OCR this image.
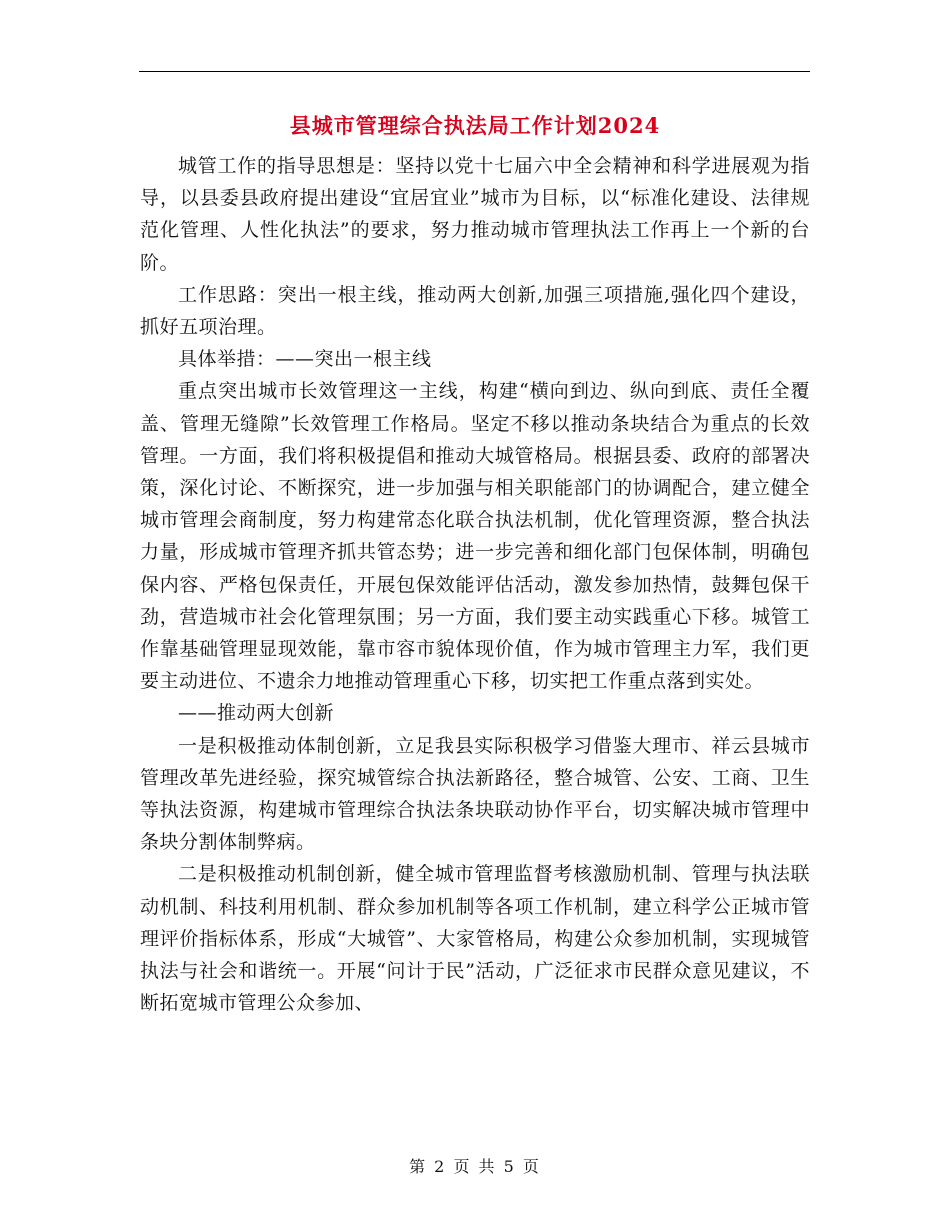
县城市管理综合执法局工作计划2024

城管工作的指导思想是：坚持以党十七届六中全会精神和科学进展观为指导，以县委县政府提出建设“宜居宜业”城市为目标，以“标准化建设、法律规范化管理、人性化执法”的要求，努力推动城市管理执法工作再上一个新的台阶。

工作思路：突出一根主线，推动两大创新,加强三项措施,强化四个建设，抓好五项治理。

具体举措：——突出一根主线

重点突出城市长效管理这一主线，构建“横向到边、纵向到底、责任全覆盖、管理无缝隙”长效管理工作格局。坚定不移以推动条块结合为重点的长效管理。一方面，我们将积极提倡和推动大城管格局。根据县委、政府的部署决策，深化讨论、不断探究，进一步加强与相关职能部门的协调配合，建立健全城市管理会商制度，努力构建常态化联合执法机制，优化管理资源，整合执法力量，形成城市管理齐抓共管态势；进一步完善和细化部门包保体制，明确包保内容、严格包保责任，开展包保效能评估活动，激发参加热情，鼓舞包保干劲，营造城市社会化管理氛围；另一方面，我们要主动实践重心下移。城管工作靠基础管理显现效能，靠市容市貌体现价值，作为城市管理主力军，我们更要主动进位、不遗余力地推动管理重心下移，切实把工作重点落到实处。

——推动两大创新

一是积极推动体制创新，立足我县实际积极学习借鉴大理市、祥云县城市管理改革先进经验，探究城管综合执法新路径，整合城管、公安、工商、卫生等执法资源，构建城市管理综合执法条块联动协作平台，切实解决城市管理中条块分割体制弊病。

二是积极推动机制创新，健全城市管理监督考核激励机制、管理与执法联动机制、科技利用机制、群众参加机制等各项工作机制，建立科学公正城市管理评价指标体系，形成“大城管”、大家管格局，构建公众参加机制，实现城管执法与社会和谐统一。开展“问计于民”活动，广泛征求市民群众意见建议，不断拓宽城市管理公众参加、

第 2 页 共 5 页
